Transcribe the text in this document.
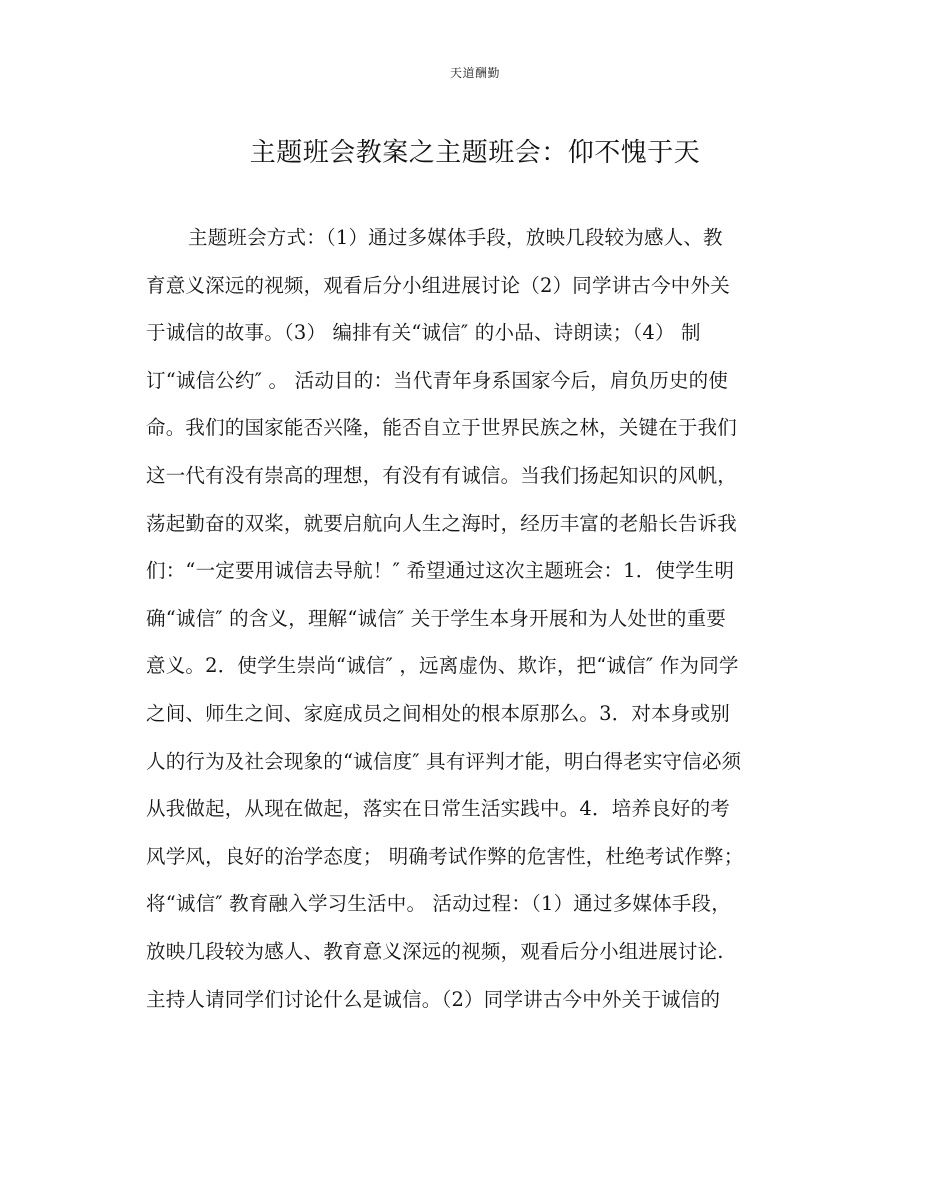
天道酬勤
主题班会教案之主题班会：仰不愧于天
主题班会方式：（1）通过多媒体手段，放映几段较为感人、教
育意义深远的视频，观看后分小组进展讨论（2）同学讲古今中外关
于诚信的故事。（3） 编排有关“诚信″ 的小品、诗朗读；（4） 制
订“诚信公约″ 。 活动目的：当代青年身系国家今后，肩负历史的使
命。我们的国家能否兴隆，能否自立于世界民族之林，关键在于我们
这一代有没有崇高的理想，有没有有诚信。当我们扬起知识的风帆，
荡起勤奋的双桨，就要启航向人生之海时，经历丰富的老船长告诉我
们：“一定要用诚信去导航！″ 希望通过这次主题班会：1．使学生明
确“诚信″ 的含义，理解“诚信″ 关于学生本身开展和为人处世的重要
意义。2．使学生崇尚“诚信″ ，远离虚伪、欺诈，把“诚信″ 作为同学
之间、师生之间、家庭成员之间相处的根本原那么。3．对本身或别
人的行为及社会现象的“诚信度″ 具有评判才能，明白得老实守信必须
从我做起，从现在做起，落实在日常生活实践中。4．培养良好的考
风学风，良好的治学态度； 明确考试作弊的危害性，杜绝考试作弊；
将“诚信″ 教育融入学习生活中。 活动过程：（1）通过多媒体手段，
放映几段较为感人、教育意义深远的视频，观看后分小组进展讨论.
主持人请同学们讨论什么是诚信。（2）同学讲古今中外关于诚信的
